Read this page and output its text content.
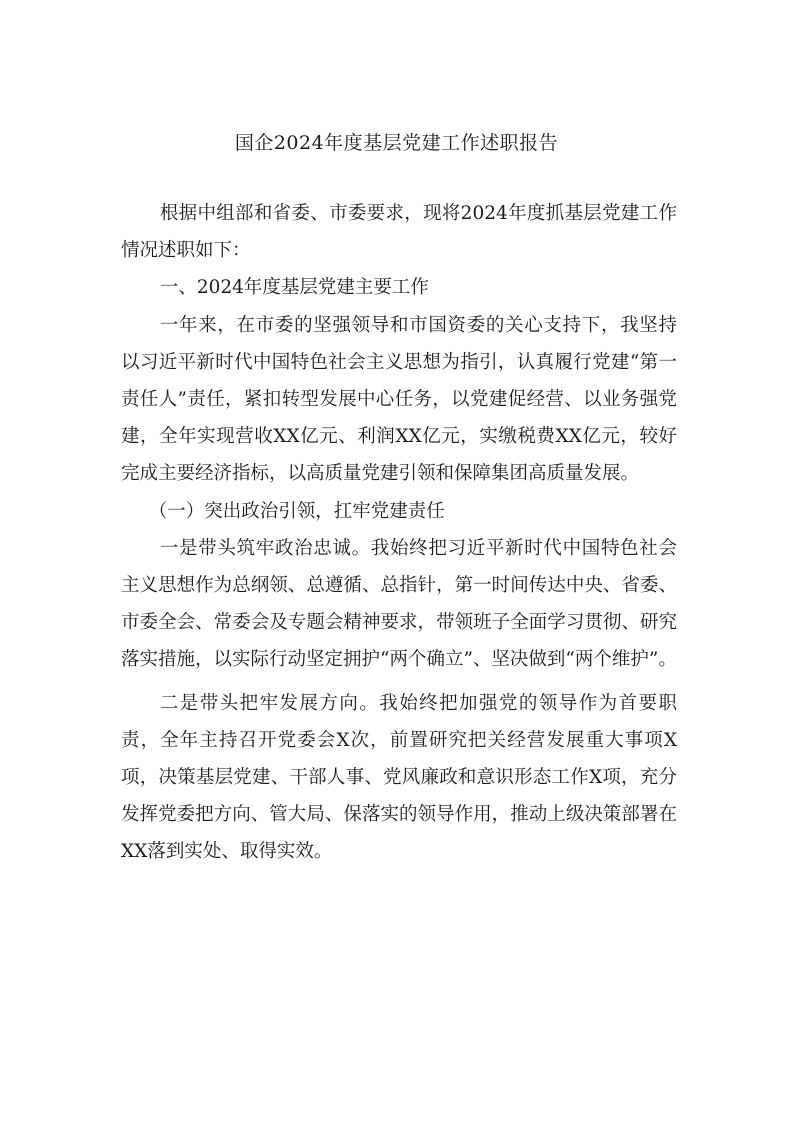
国企2024年度基层党建工作述职报告

根据中组部和省委、市委要求，现将2024年度抓基层党建工作情况述职如下：

一、2024年度基层党建主要工作

一年来，在市委的坚强领导和市国资委的关心支持下，我坚持以习近平新时代中国特色社会主义思想为指引，认真履行党建“第一责任人”责任，紧扣转型发展中心任务，以党建促经营、以业务强党建，全年实现营收XX亿元、利润XX亿元，实缴税费XX亿元，较好完成主要经济指标，以高质量党建引领和保障集团高质量发展。

（一）突出政治引领，扛牢党建责任

一是带头筑牢政治忠诚。我始终把习近平新时代中国特色社会主义思想作为总纲领、总遵循、总指针，第一时间传达中央、省委、市委全会、常委会及专题会精神要求，带领班子全面学习贯彻、研究落实措施，以实际行动坚定拥护“两个确立”、坚决做到“两个维护”。

二是带头把牢发展方向。我始终把加强党的领导作为首要职责，全年主持召开党委会X次，前置研究把关经营发展重大事项X项，决策基层党建、干部人事、党风廉政和意识形态工作X项，充分发挥党委把方向、管大局、保落实的领导作用，推动上级决策部署在XX落到实处、取得实效。
